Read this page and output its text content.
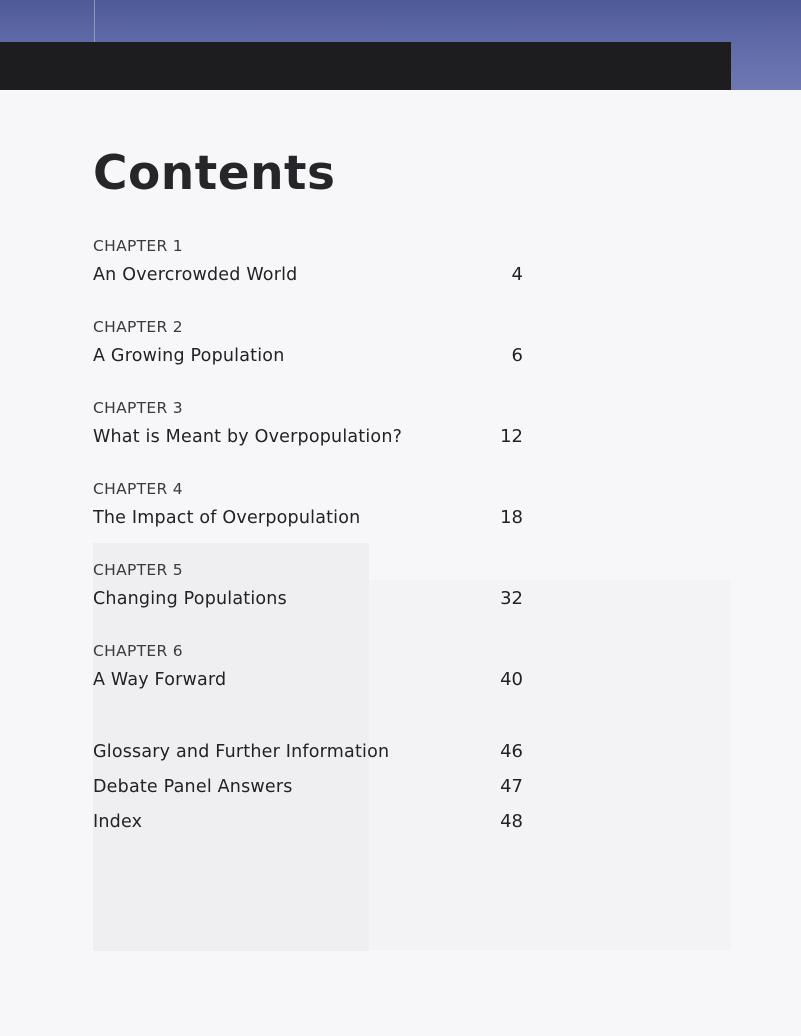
Contents
CHAPTER 1
An Overcrowded World	4
CHAPTER 2
A Growing Population	6
CHAPTER 3
What is Meant by Overpopulation?	12
CHAPTER 4
The Impact of Overpopulation	18
CHAPTER 5
Changing Populations	32
CHAPTER 6
A Way Forward	40
Glossary and Further Information	46
Debate Panel Answers	47
Index	48
